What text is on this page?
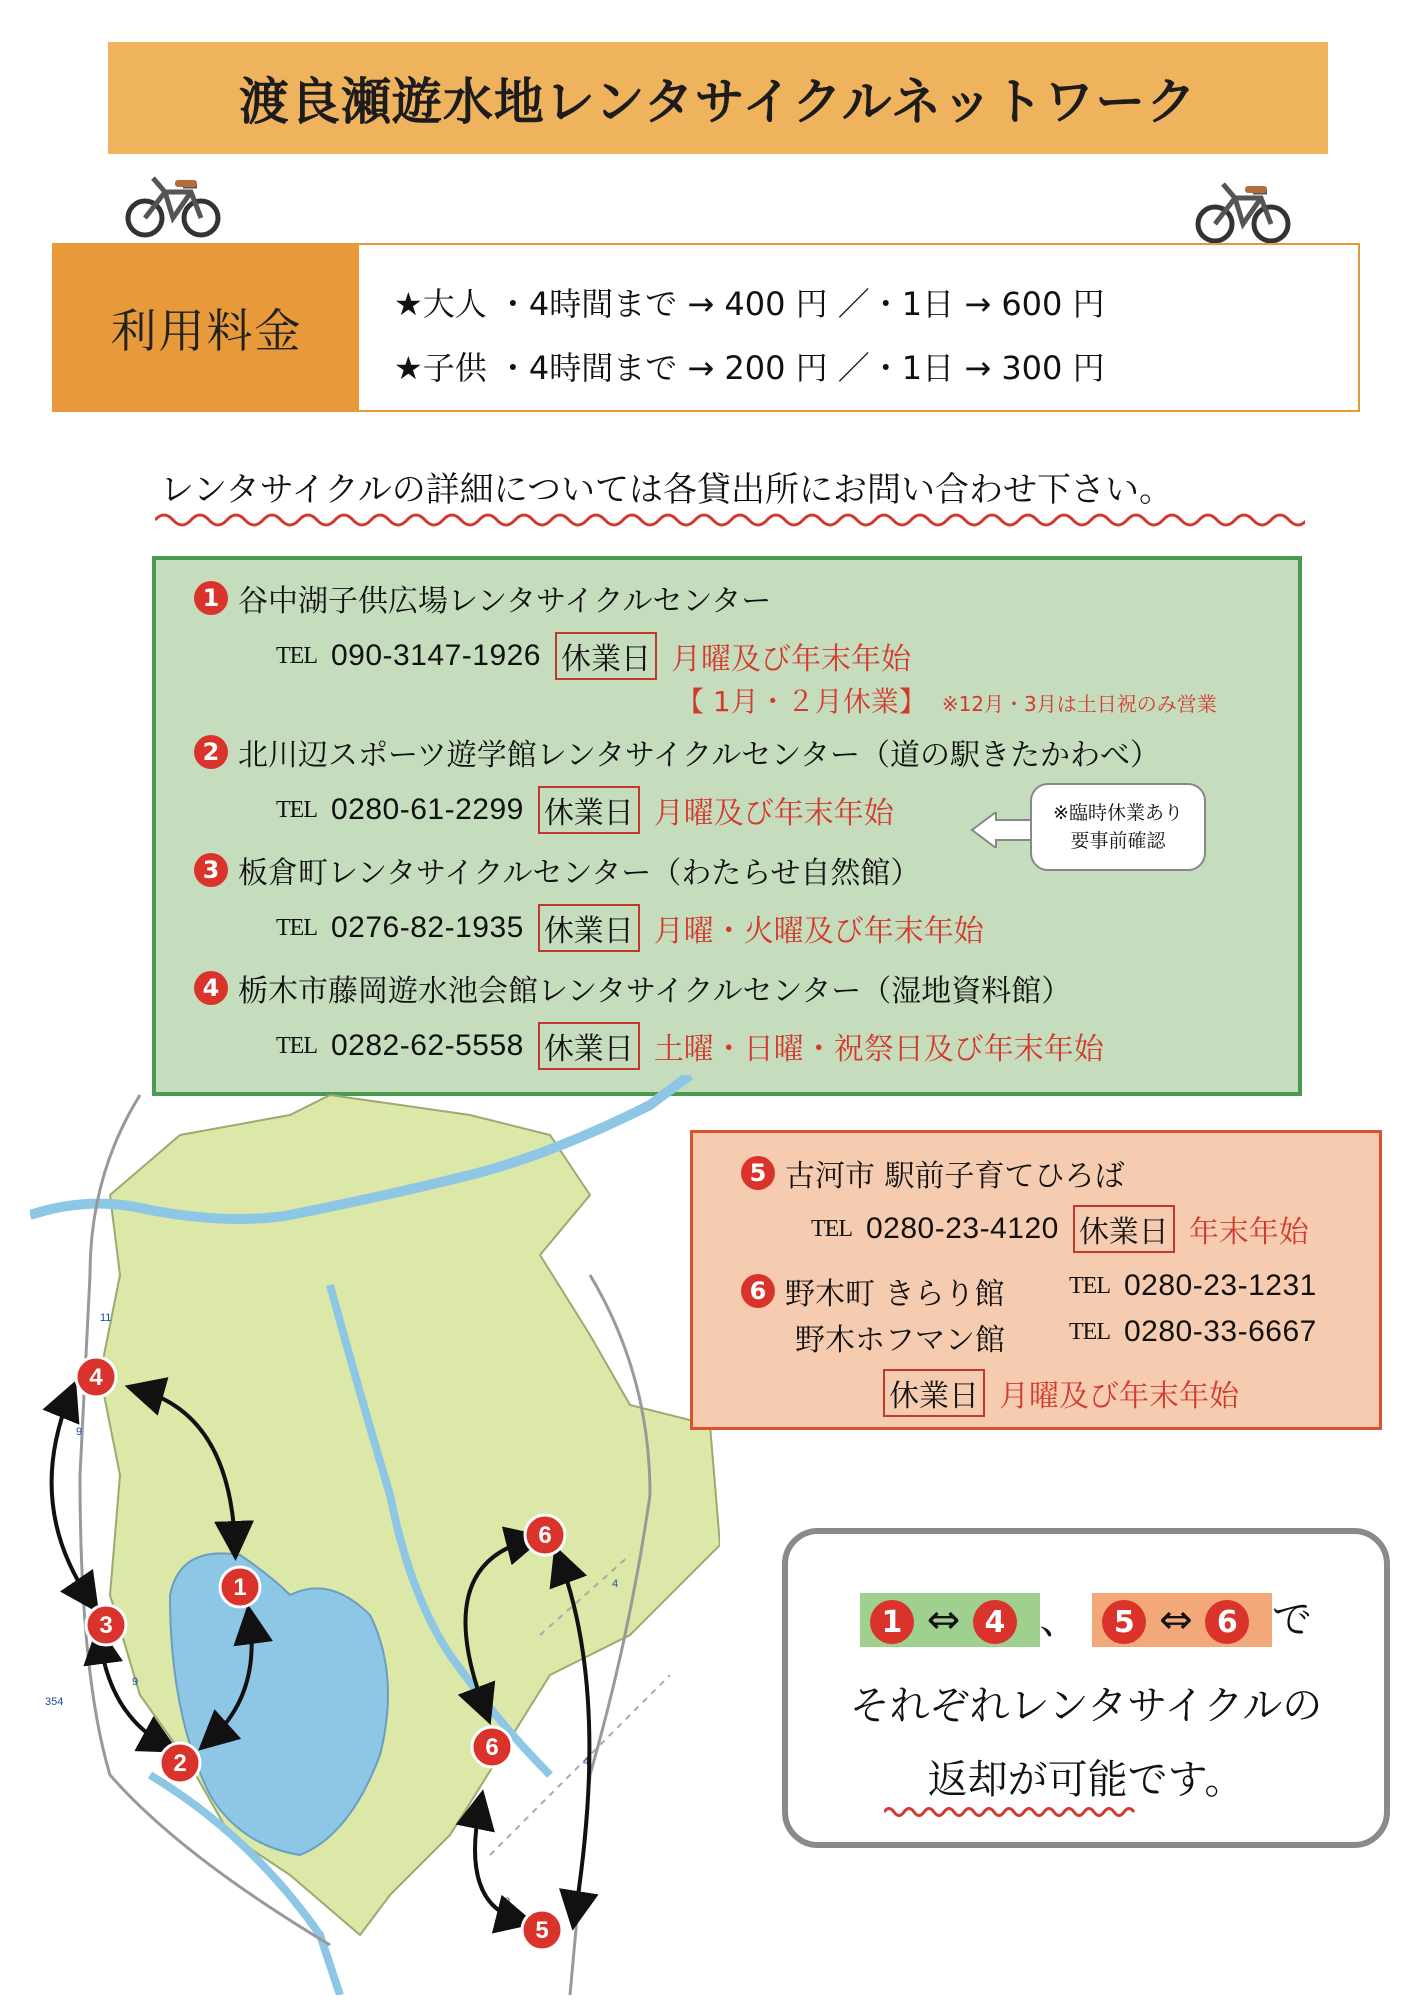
渡良瀬遊水地レンタサイクルネットワーク
利用料金	★大人 ・4時間まで → 400 円 ／・1日 → 600 円
★子供 ・4時間まで → 200 円 ／・1日 → 300 円
レンタサイクルの詳細については各貸出所にお問い合わせ下さい。
1 谷中湖子供広場レンタサイクルセンター
TEL 090-3147-1926 休業日 月曜及び年末年始
【 1月・２月休業】 ※12月・3月は土日祝のみ営業
2 北川辺スポーツ遊学館レンタサイクルセンター（道の駅きたかわべ）
TEL 0280-61-2299 休業日 月曜及び年末年始
3 板倉町レンタサイクルセンター（わたらせ自然館）
TEL 0276-82-1935 休業日 月曜・火曜及び年末年始
4 栃木市藤岡遊水池会館レンタサイクルセンター（湿地資料館）
TEL 0282-62-5558 休業日 土曜・日曜・祝祭日及び年末年始
※臨時休業あり
要事前確認
11
9
9
354
4
4
9
4
1
3
2
6
6
5
5 古河市 駅前子育てひろば
TEL 0280-23-4120 休業日 年末年始
6 野木町 きらり館	TEL 0280-23-1231
野木ホフマン館	TEL 0280-33-6667
休業日 月曜及び年末年始
1 ⇔ 4 、 5 ⇔ 6 で
それぞれレンタサイクルの
返却が可能です。
